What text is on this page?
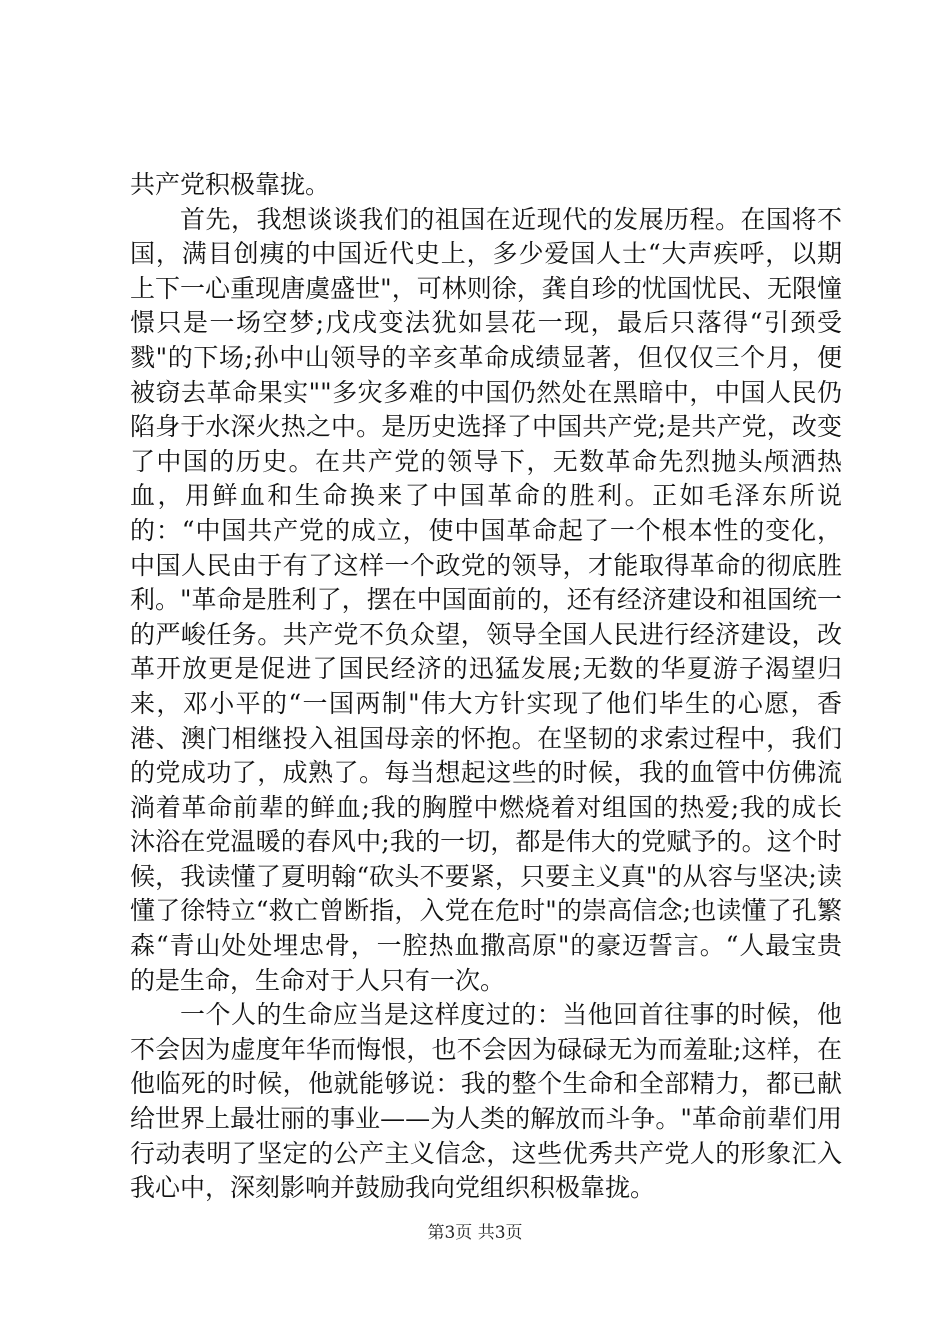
共产党积极靠拢。

首先，我想谈谈我们的祖国在近现代的发展历程。在国将不国，满目创痍的中国近代史上，多少爱国人士“大声疾呼，以期上下一心重现唐虞盛世"，可林则徐，龚自珍的忧国忧民、无限憧憬只是一场空梦;戊戌变法犹如昙花一现，最后只落得“引颈受戮"的下场;孙中山领导的辛亥革命成绩显著，但仅仅三个月，便被窃去革命果实""多灾多难的中国仍然处在黑暗中，中国人民仍陷身于水深火热之中。是历史选择了中国共产党;是共产党，改变了中国的历史。在共产党的领导下，无数革命先烈抛头颅洒热血，用鲜血和生命换来了中国革命的胜利。正如毛泽东所说的：“中国共产党的成立，使中国革命起了一个根本性的变化，中国人民由于有了这样一个政党的领导，才能取得革命的彻底胜利。"革命是胜利了，摆在中国面前的，还有经济建设和祖国统一的严峻任务。共产党不负众望，领导全国人民进行经济建设，改革开放更是促进了国民经济的迅猛发展;无数的华夏游子渴望归来，邓小平的“一国两制"伟大方针实现了他们毕生的心愿，香港、澳门相继投入祖国母亲的怀抱。在坚韧的求索过程中，我们的党成功了，成熟了。每当想起这些的时候，我的血管中仿佛流淌着革命前辈的鲜血;我的胸膛中燃烧着对组国的热爱;我的成长沐浴在党温暖的春风中;我的一切，都是伟大的党赋予的。这个时候，我读懂了夏明翰“砍头不要紧，只要主义真"的从容与坚决;读懂了徐特立“救亡曾断指，入党在危时"的崇高信念;也读懂了孔繁森“青山处处埋忠骨，一腔热血撒高原"的豪迈誓言。“人最宝贵的是生命，生命对于人只有一次。

一个人的生命应当是这样度过的：当他回首往事的时候，他不会因为虚度年华而悔恨，也不会因为碌碌无为而羞耻;这样，在他临死的时候，他就能够说：我的整个生命和全部精力，都已献给世界上最壮丽的事业——为人类的解放而斗争。"革命前辈们用行动表明了坚定的公产主义信念，这些优秀共产党人的形象汇入我心中，深刻影响并鼓励我向党组织积极靠拢。

第3页 共3页
